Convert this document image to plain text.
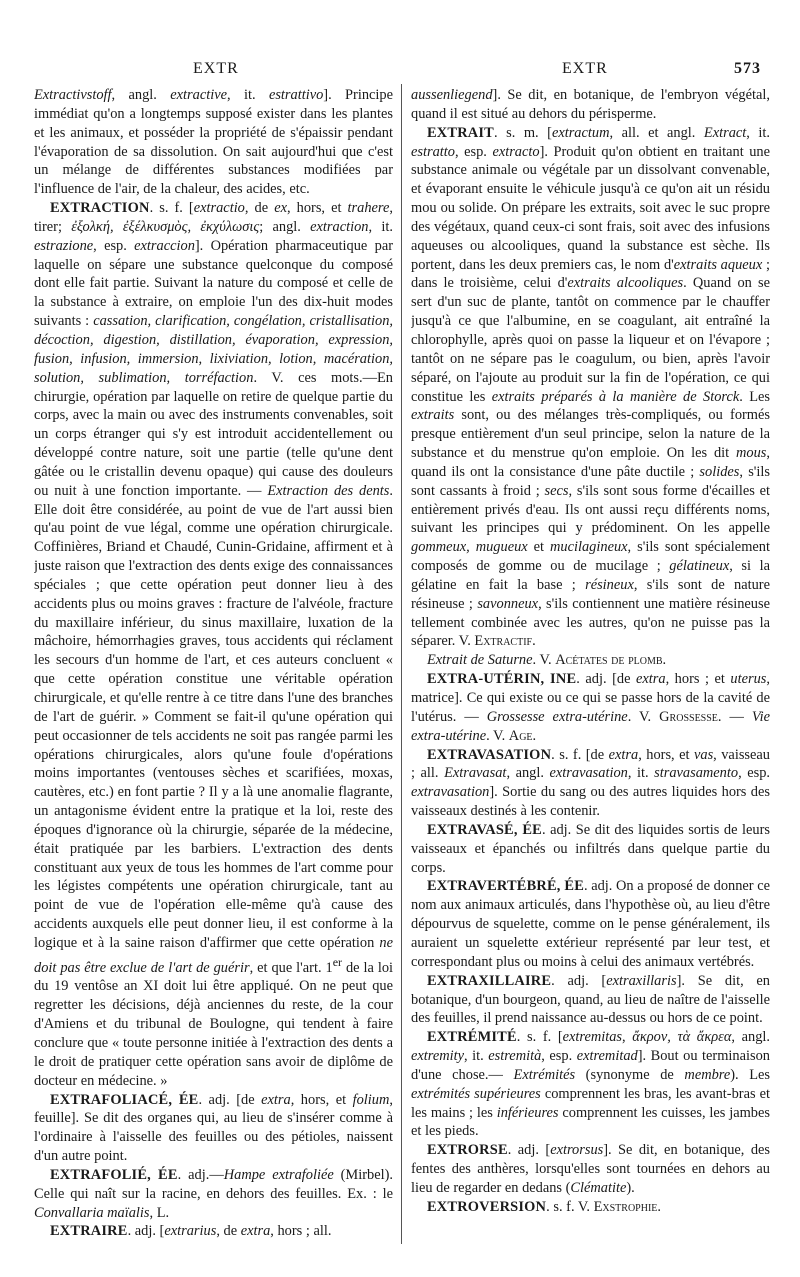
EXTR	EXTR	573

Extractivstoff, angl. extractive, it. estrattivo]. Principe immédiat qu'on a longtemps supposé exister dans les plantes et les animaux, et posséder la propriété de s'épaissir pendant l'évaporation de sa dissolution. On sait aujourd'hui que c'est un mélange de différentes substances modifiées par l'influence de l'air, de la chaleur, des acides, etc.

EXTRACTION. s. f. [extractio, de ex, hors, et trahere, tirer; ἐξολκή, ἐξέλκυσμὸς, ἐκχύλωσις; angl. extraction, it. estrazione, esp. extraccion]. Opération pharmaceutique par laquelle on sépare une substance quelconque du composé dont elle fait partie. Suivant la nature du composé et celle de la substance à extraire, on emploie l'un des dix-huit modes suivants : cassation, clarification, congélation, cristallisation, décoction, digestion, distillation, évaporation, expression, fusion, infusion, immersion, lixiviation, lotion, macération, solution, sublimation, torréfaction. V. ces mots.—En chirurgie, opération par laquelle on retire de quelque partie du corps, avec la main ou avec des instruments convenables, soit un corps étranger qui s'y est introduit accidentellement ou développé contre nature, soit une partie (telle qu'une dent gâtée ou le cristallin devenu opaque) qui cause des douleurs ou nuit à une fonction importante. — Extraction des dents. Elle doit être considérée, au point de vue de l'art aussi bien qu'au point de vue légal, comme une opération chirurgicale. Coffinières, Briand et Chaudé, Cunin-Gridaine, affirment et à juste raison que l'extraction des dents exige des connaissances spéciales ; que cette opération peut donner lieu à des accidents plus ou moins graves : fracture de l'alvéole, fracture du maxillaire inférieur, du sinus maxillaire, luxation de la mâchoire, hémorrhagies graves, tous accidents qui réclament les secours d'un homme de l'art, et ces auteurs concluent « que cette opération constitue une véritable opération chirurgicale, et qu'elle rentre à ce titre dans l'une des branches de l'art de guérir. » Comment se fait-il qu'une opération qui peut occasionner de tels accidents ne soit pas rangée parmi les opérations chirurgicales, alors qu'une foule d'opérations moins importantes (ventouses sèches et scarifiées, moxas, cautères, etc.) en font partie ? Il y a là une anomalie flagrante, un antagonisme évident entre la pratique et la loi, reste des époques d'ignorance où la chirurgie, séparée de la médecine, était pratiquée par les barbiers. L'extraction des dents constituant aux yeux de tous les hommes de l'art comme pour les légistes compétents une opération chirurgicale, tant au point de vue de l'opération elle-même qu'à cause des accidents auxquels elle peut donner lieu, il est conforme à la logique et à la saine raison d'affirmer que cette opération ne doit pas être exclue de l'art de guérir, et que l'art. 1er de la loi du 19 ventôse an XI doit lui être appliqué. On ne peut que regretter les décisions, déjà anciennes du reste, de la cour d'Amiens et du tribunal de Boulogne, qui tendent à faire conclure que « toute personne initiée à l'extraction des dents a le droit de pratiquer cette opération sans avoir de diplôme de docteur en médecine. »

EXTRAFOLIACÉ, ÉE. adj. [de extra, hors, et folium, feuille]. Se dit des organes qui, au lieu de s'insérer comme à l'ordinaire à l'aisselle des feuilles ou des pétioles, naissent d'un autre point.

EXTRAFOLIÉ, ÉE. adj.—Hampe extrafoliée (Mirbel). Celle qui naît sur la racine, en dehors des feuilles. Ex. : le Convallaria maïalis, L.

EXTRAIRE. adj. [extrarius, de extra, hors ; all.

aussenliegend]. Se dit, en botanique, de l'embryon végétal, quand il est situé au dehors du périsperme.

EXTRAIT. s. m. [extractum, all. et angl. Extract, it. estratto, esp. extracto]. Produit qu'on obtient en traitant une substance animale ou végétale par un dissolvant convenable, et évaporant ensuite le véhicule jusqu'à ce qu'on ait un résidu mou ou solide. On prépare les extraits, soit avec le suc propre des végétaux, quand ceux-ci sont frais, soit avec des infusions aqueuses ou alcooliques, quand la substance est sèche. Ils portent, dans les deux premiers cas, le nom d'extraits aqueux ; dans le troisième, celui d'extraits alcooliques. Quand on se sert d'un suc de plante, tantôt on commence par le chauffer jusqu'à ce que l'albumine, en se coagulant, ait entraîné la chlorophylle, après quoi on passe la liqueur et on l'évapore ; tantôt on ne sépare pas le coagulum, ou bien, après l'avoir séparé, on l'ajoute au produit sur la fin de l'opération, ce qui constitue les extraits préparés à la manière de Storck. Les extraits sont, ou des mélanges très-compliqués, ou formés presque entièrement d'un seul principe, selon la nature de la substance et du menstrue qu'on emploie. On les dit mous, quand ils ont la consistance d'une pâte ductile ; solides, s'ils sont cassants à froid ; secs, s'ils sont sous forme d'écailles et entièrement privés d'eau. Ils ont aussi reçu différents noms, suivant les principes qui y prédominent. On les appelle gommeux, mugueux et mucilagineux, s'ils sont spécialement composés de gomme ou de mucilage ; gélatineux, si la gélatine en fait la base ; résineux, s'ils sont de nature résineuse ; savonneux, s'ils contiennent une matière résineuse tellement combinée avec les autres, qu'on ne puisse pas la séparer. V. Extractif.

Extrait de Saturne. V. Acétates de plomb.

EXTRA-UTÉRIN, INE. adj. [de extra, hors ; et uterus, matrice]. Ce qui existe ou ce qui se passe hors de la cavité de l'utérus. — Grossesse extra-utérine. V. Grossesse. — Vie extra-utérine. V. Age.

EXTRAVASATION. s. f. [de extra, hors, et vas, vaisseau ; all. Extravasat, angl. extravasation, it. stravasamento, esp. extravasation]. Sortie du sang ou des autres liquides hors des vaisseaux destinés à les contenir.

EXTRAVASÉ, ÉE. adj. Se dit des liquides sortis de leurs vaisseaux et épanchés ou infiltrés dans quelque partie du corps.

EXTRAVERTÉBRÉ, ÉE. adj. On a proposé de donner ce nom aux animaux articulés, dans l'hypothèse où, au lieu d'être dépourvus de squelette, comme on le pense généralement, ils auraient un squelette extérieur représenté par leur test, et correspondant plus ou moins à celui des animaux vertébrés.

EXTRAXILLAIRE. adj. [extraxillaris]. Se dit, en botanique, d'un bourgeon, quand, au lieu de naître de l'aisselle des feuilles, il prend naissance au-dessus ou hors de ce point.

EXTRÉMITÉ. s. f. [extremitas, ἄκρον, τὰ ἄκρεα, angl. extremity, it. estremità, esp. extremitad]. Bout ou terminaison d'une chose.— Extrémités (synonyme de membre). Les extrémités supérieures comprennent les bras, les avant-bras et les mains ; les inférieures comprennent les cuisses, les jambes et les pieds.

EXTRORSE. adj. [extrorsus]. Se dit, en botanique, des fentes des anthères, lorsqu'elles sont tournées en dehors au lieu de regarder en dedans (Clématite).

EXTROVERSION. s. f. V. Exstrophie.
